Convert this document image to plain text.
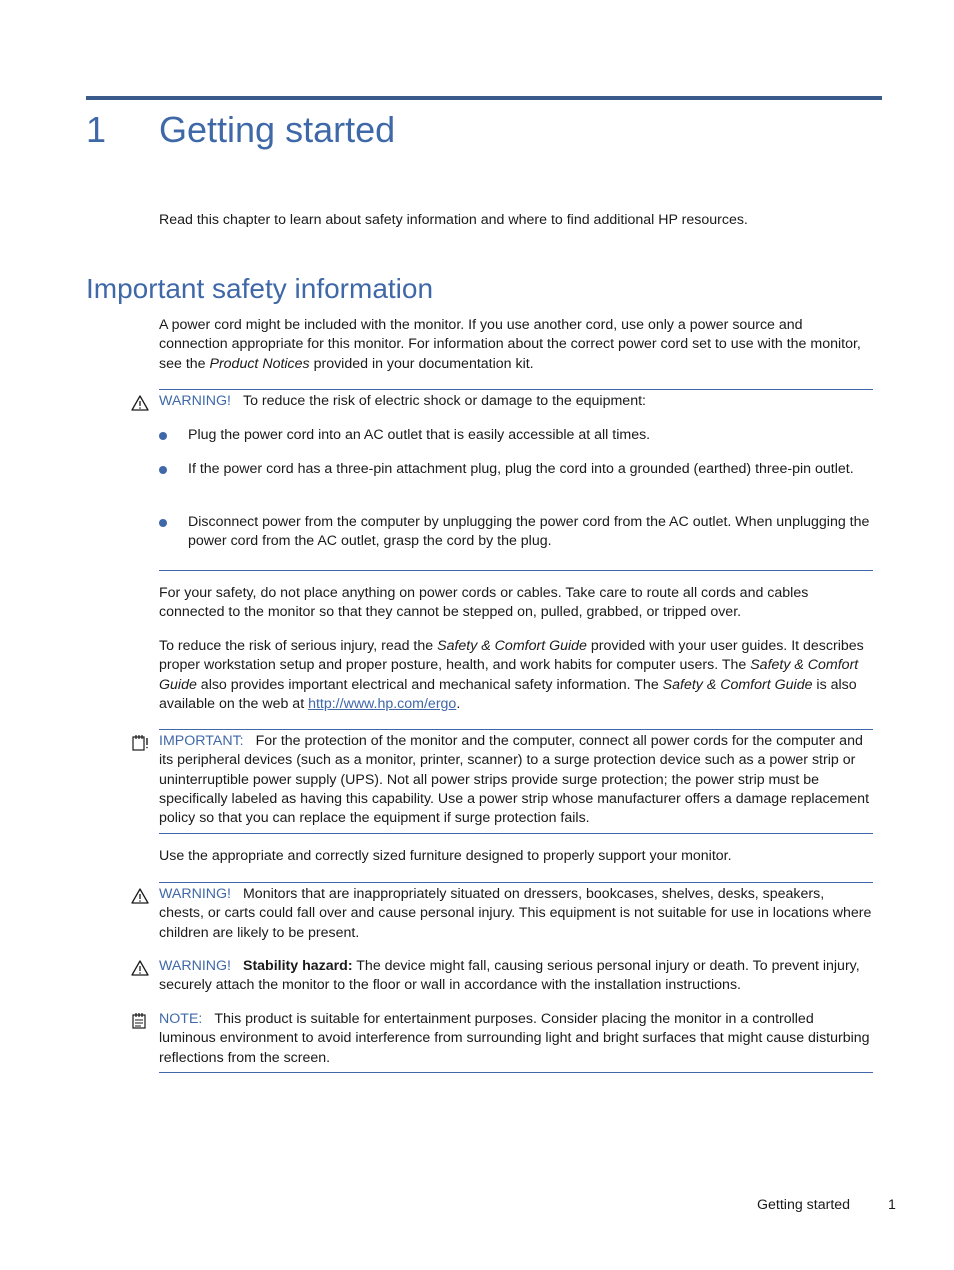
1 Getting started

Read this chapter to learn about safety information and where to find additional HP resources.

Important safety information

A power cord might be included with the monitor. If you use another cord, use only a power source and connection appropriate for this monitor. For information about the correct power cord set to use with the monitor, see the Product Notices provided in your documentation kit.

WARNING! To reduce the risk of electric shock or damage to the equipment:

Plug the power cord into an AC outlet that is easily accessible at all times.
If the power cord has a three-pin attachment plug, plug the cord into a grounded (earthed) three-pin outlet.
Disconnect power from the computer by unplugging the power cord from the AC outlet. When unplugging the power cord from the AC outlet, grasp the cord by the plug.

For your safety, do not place anything on power cords or cables. Take care to route all cords and cables connected to the monitor so that they cannot be stepped on, pulled, grabbed, or tripped over.

To reduce the risk of serious injury, read the Safety & Comfort Guide provided with your user guides. It describes proper workstation setup and proper posture, health, and work habits for computer users. The Safety & Comfort Guide also provides important electrical and mechanical safety information. The Safety & Comfort Guide is also available on the web at http://www.hp.com/ergo.

IMPORTANT: For the protection of the monitor and the computer, connect all power cords for the computer and its peripheral devices (such as a monitor, printer, scanner) to a surge protection device such as a power strip or uninterruptible power supply (UPS). Not all power strips provide surge protection; the power strip must be specifically labeled as having this capability. Use a power strip whose manufacturer offers a damage replacement policy so that you can replace the equipment if surge protection fails.

Use the appropriate and correctly sized furniture designed to properly support your monitor.

WARNING! Monitors that are inappropriately situated on dressers, bookcases, shelves, desks, speakers, chests, or carts could fall over and cause personal injury. This equipment is not suitable for use in locations where children are likely to be present.

WARNING! Stability hazard: The device might fall, causing serious personal injury or death. To prevent injury, securely attach the monitor to the floor or wall in accordance with the installation instructions.

NOTE: This product is suitable for entertainment purposes. Consider placing the monitor in a controlled luminous environment to avoid interference from surrounding light and bright surfaces that might cause disturbing reflections from the screen.

Getting started	1
